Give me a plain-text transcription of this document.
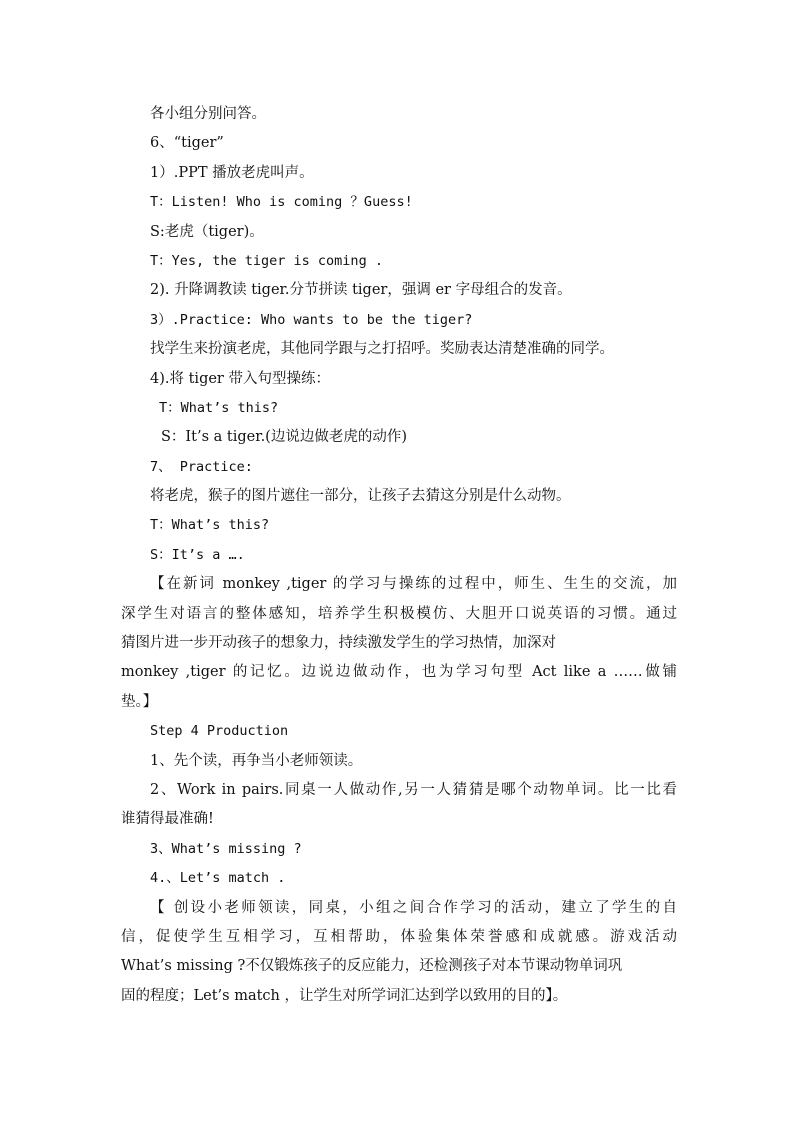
各小组分别问答。
6、“tiger”
1）.PPT 播放老虎叫声。
T：Listen! Who is coming ？Guess!
S:老虎（tiger)。
T：Yes, the tiger is coming .
2). 升降调教读 tiger.分节拼读 tiger，强调 er 字母组合的发音。
3）.Practice: Who wants to be the tiger?
找学生来扮演老虎，其他同学跟与之打招呼。奖励表达清楚准确的同学。
4).将 tiger 带入句型操练：
T：What’s this?
S：It’s a tiger.(边说边做老虎的动作)
7、 Practice:
将老虎，猴子的图片遮住一部分，让孩子去猜这分别是什么动物。
T：What’s this?
S：It’s a ….
【在新词 monkey ,tiger 的学习与操练的过程中，师生、生生的交流，加
深学生对语言的整体感知，培养学生积极模仿、大胆开口说英语的习惯。通过
猜图片进一步开动孩子的想象力，持续激发学生的学习热情，加深对
monkey ,tiger 的记忆。边说边做动作，也为学习句型 Act like a ……做铺
垫。】
Step 4 Production
1、先个读，再争当小老师领读。
2、Work in pairs.同桌一人做动作,另一人猜猜是哪个动物单词。比一比看
谁猜得最准确!
3、What’s missing ?
4.、Let’s match .
【 创设小老师领读，同桌，小组之间合作学习的活动，建立了学生的自
信，促使学生互相学习，互相帮助，体验集体荣誉感和成就感。游戏活动
What’s missing ?不仅锻炼孩子的反应能力，还检测孩子对本节课动物单词巩
固的程度；Let’s match ，让学生对所学词汇达到学以致用的目的】。
